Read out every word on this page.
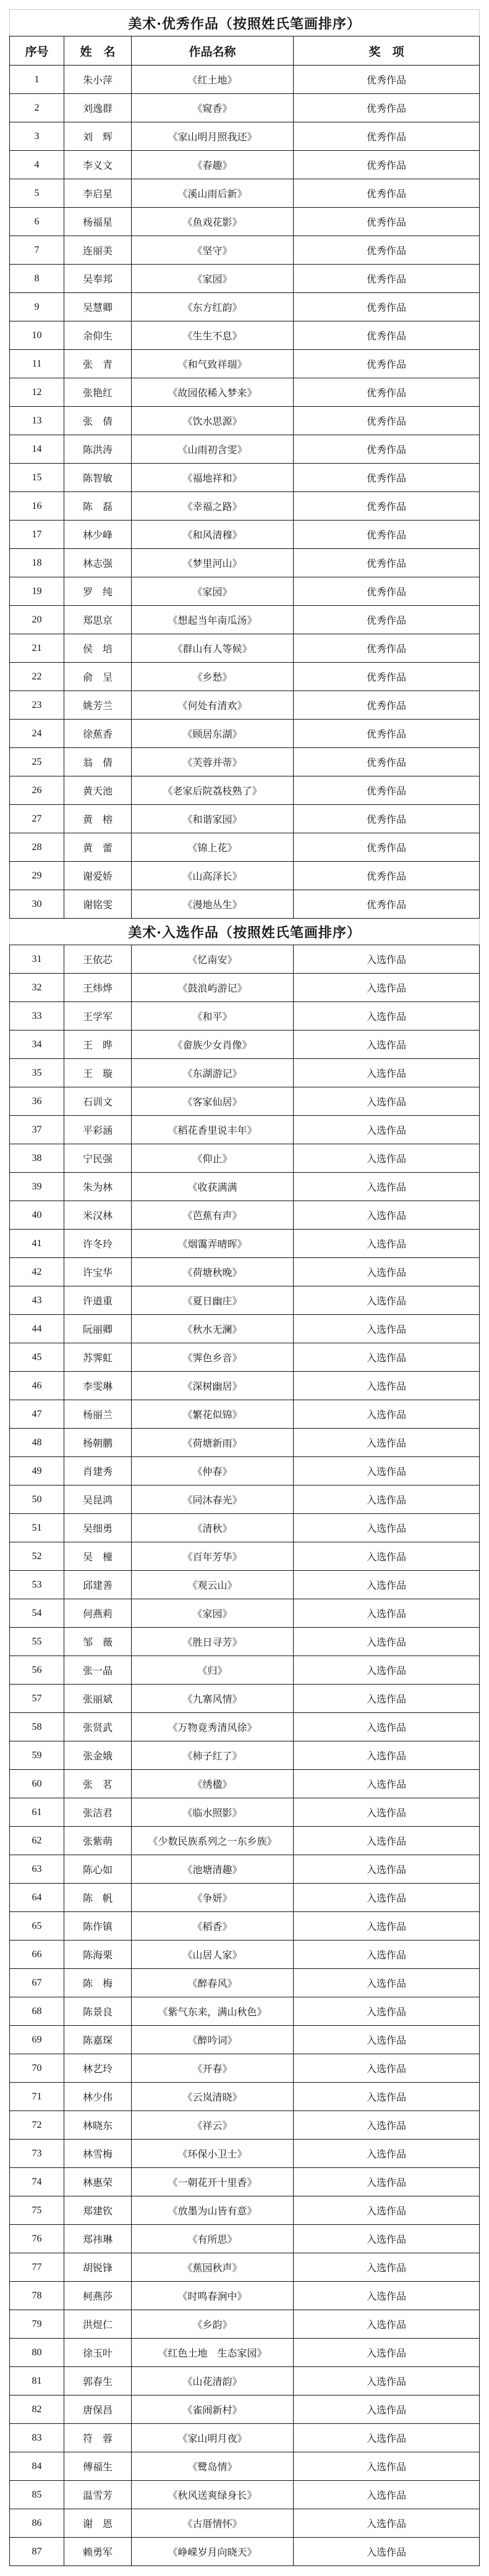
美术·优秀作品（按照姓氏笔画排序）			
序号	姓　名	作品名称	奖　项
1	朱小萍	《红土地》	优秀作品
2	刘逸群	《窥香》	优秀作品
3	刘　辉	《家山明月照我还》	优秀作品
4	李义文	《春趣》	优秀作品
5	李启星	《溪山雨后新》	优秀作品
6	杨福星	《鱼戏花影》	优秀作品
7	连丽美	《坚守》	优秀作品
8	吴奉邦	《家园》	优秀作品
9	吴慧卿	《东方红韵》	优秀作品
10	余仰生	《生生不息》	优秀作品
11	张　青	《和气致祥瑞》	优秀作品
12	张艳红	《故园依稀入梦来》	优秀作品
13	张　倩	《饮水思源》	优秀作品
14	陈洪涛	《山雨初含雯》	优秀作品
15	陈智敏	《福地祥和》	优秀作品
16	陈　磊	《幸福之路》	优秀作品
17	林少峰	《和风清穆》	优秀作品
18	林志强	《梦里河山》	优秀作品
19	罗　纯	《家园》	优秀作品
20	郑思京	《想起当年南瓜汤》	优秀作品
21	侯　培	《群山有人等候》	优秀作品
22	俞　呈	《乡愁》	优秀作品
23	姚芳兰	《何处有清欢》	优秀作品
24	徐蕉香	《顾居东湖》	优秀作品
25	翁　倩	《芙蓉并蒂》	优秀作品
26	黄天池	《老家后院荔枝熟了》	优秀作品
27	黄　榕	《和谐家园》	优秀作品
28	黄　蕾	《锦上花》	优秀作品
29	谢爱娇	《山高泽长》	优秀作品
30	谢铭雯	《漫地丛生》	优秀作品
美术·入选作品（按照姓氏笔画排序）			
31	王依芯	《忆南安》	入选作品
32	王炜烨	《鼓浪屿游记》	入选作品
33	王学军	《和平》	入选作品
34	王　晔	《畲族少女肖像》	入选作品
35	王　璇	《东湖游记》	入选作品
36	石训文	《客家仙居》	入选作品
37	平彩涵	《稻花香里说丰年》	入选作品
38	宁民强	《仰止》	入选作品
39	朱为林	《收获满满	入选作品
40	米汉林	《芭蕉有声》	入选作品
41	许冬玲	《烟霭弄晴晖》	入选作品
42	许宝华	《荷塘秋晚》	入选作品
43	许道重	《夏日幽庄》	入选作品
44	阮丽卿	《秋水无澜》	入选作品
45	苏霁虹	《霁色乡音》	入选作品
46	李雯琳	《深树幽居》	入选作品
47	杨丽兰	《繁花似锦》	入选作品
48	杨朝鹏	《荷塘新雨》	入选作品
49	肖建秀	《仲春》	入选作品
50	吴昆鸿	《同沐春光》	入选作品
51	吴细勇	《清秋》	入选作品
52	吴　橦	《百年芳华》	入选作品
53	邱建善	《观云山》	入选作品
54	何燕莉	《家园》	入选作品
55	邹　薇	《胜日寻芳》	入选作品
56	张一晶	《归》	入选作品
57	张丽斌	《九寨风情》	入选作品
58	张贤武	《万物竟秀清风徐》	入选作品
59	张金娥	《柿子红了》	入选作品
60	张　茗	《绣楹》	入选作品
61	张洁君	《临水照影》	入选作品
62	张紫萌	《少数民族系列之一东乡族》	入选作品
63	陈心如	《池塘清趣》	入选作品
64	陈　帆	《争妍》	入选作品
65	陈作镇	《稻香》	入选作品
66	陈海栗	《山居人家》	入选作品
67	陈　梅	《醉春风》	入选作品
68	陈景良	《紫气东来，满山秋色》	入选作品
69	陈嘉琛	《醉吟词》	入选作品
70	林艺玲	《开春》	入选作品
71	林少伟	《云岚清晓》	入选作品
72	林晓东	《祥云》	入选作品
73	林雪梅	《环保小卫士》	入选作品
74	林惠荣	《一朝花开十里香》	入选作品
75	郑建钦	《放墨为山皆有意》	入选作品
76	郑祎琳	《有所思》	入选作品
77	胡锐锋	《蕉园秋声》	入选作品
78	柯燕莎	《时鸣春涧中》	入选作品
79	洪煜仁	《乡韵》	入选作品
80	徐玉叶	《红色土地　生态家园》	入选作品
81	郭春生	《山花清韵》	入选作品
82	唐保昌	《雀闹新村》	入选作品
83	符　蓉	《家山明月夜》	入选作品
84	傅福生	《鹭岛情》	入选作品
85	温雪芳	《秋风送爽绿身长》	入选作品
86	谢　恩	《古厝情怀》	入选作品
87	赖勇军	《峥嵘岁月向晓天》	入选作品
